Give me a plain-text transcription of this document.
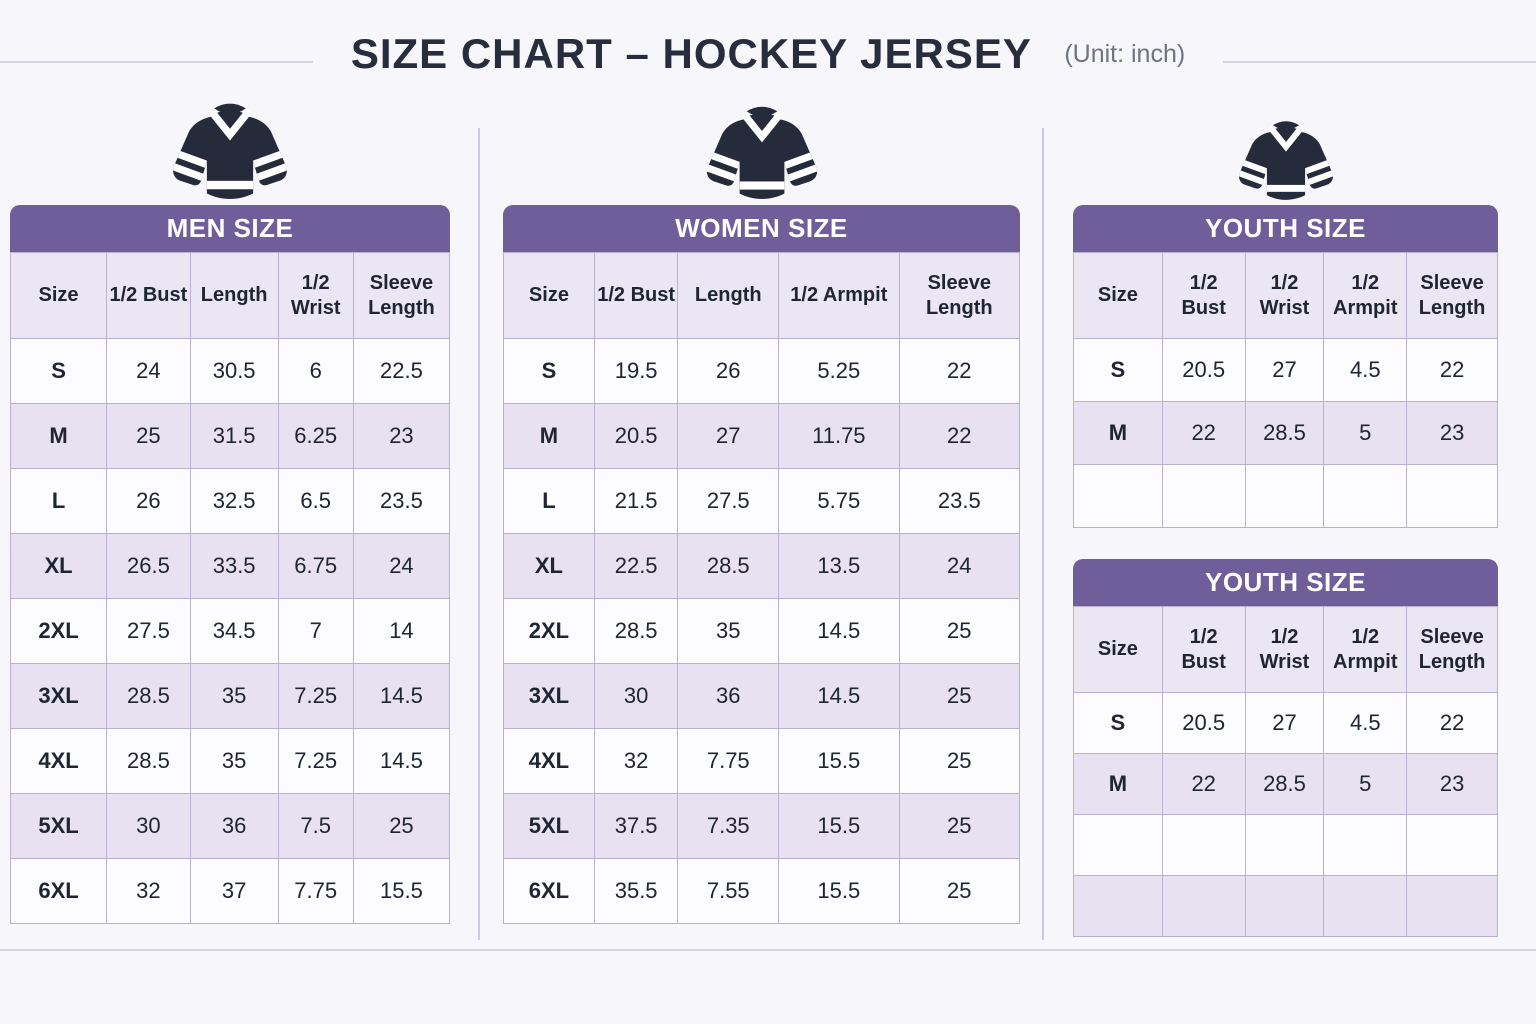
SIZE CHART – HOCKEY JERSEY (Unit: inch)
MEN SIZE
Size	1/2 Bust	Length	1/2 Wrist	Sleeve Length
S	24	30.5	6	22.5
M	25	31.5	6.25	23
L	26	32.5	6.5	23.5
XL	26.5	33.5	6.75	24
2XL	27.5	34.5	7	14
3XL	28.5	35	7.25	14.5
4XL	28.5	35	7.25	14.5
5XL	30	36	7.5	25
6XL	32	37	7.75	15.5
WOMEN SIZE
Size	1/2 Bust	Length	1/2 Armpit	Sleeve Length
S	19.5	26	5.25	22
M	20.5	27	11.75	22
L	21.5	27.5	5.75	23.5
XL	22.5	28.5	13.5	24
2XL	28.5	35	14.5	25
3XL	30	36	14.5	25
4XL	32	7.75	15.5	25
5XL	37.5	7.35	15.5	25
6XL	35.5	7.55	15.5	25
YOUTH SIZE
Size	1/2 Bust	1/2 Wrist	1/2 Armpit	Sleeve Length
S	20.5	27	4.5	22
M	22	28.5	5	23

YOUTH SIZE
Size	1/2 Bust	1/2 Wrist	1/2 Armpit	Sleeve Length
S	20.5	27	4.5	22
M	22	28.5	5	23
